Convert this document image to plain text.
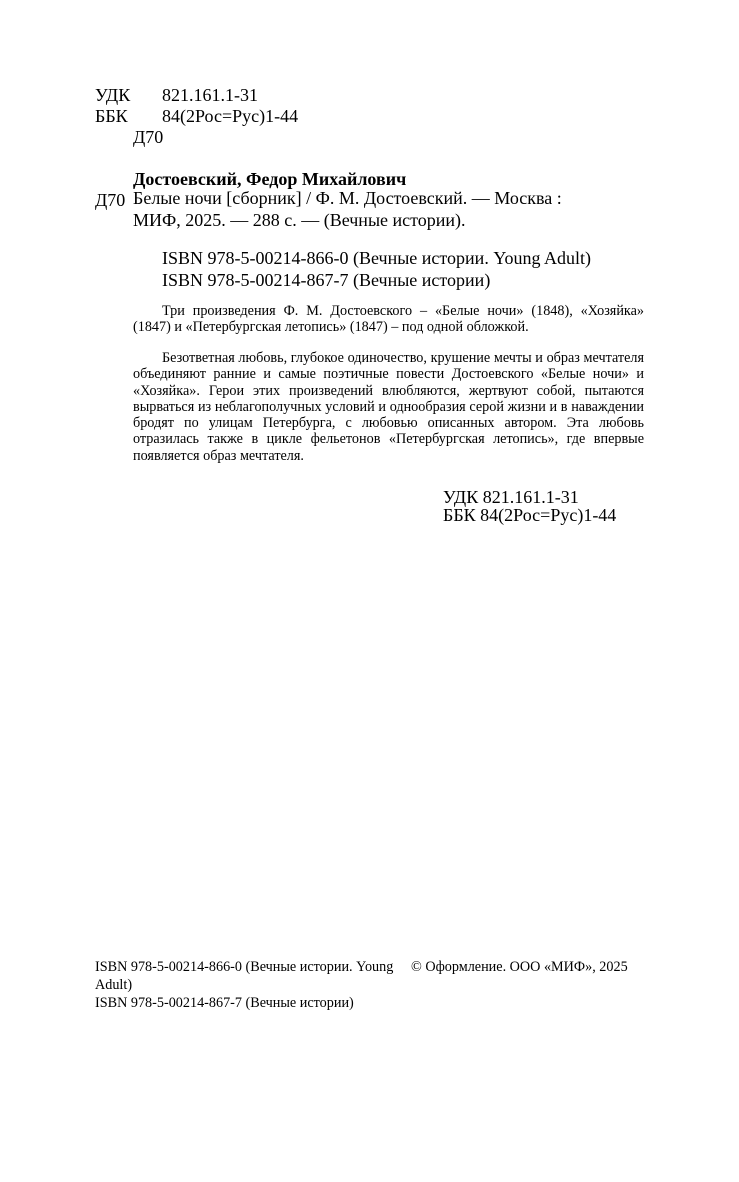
УДК 821.161.1-31
ББК 84(2Рос=Рус)1-44
Д70
Достоевский, Федор Михайлович
Д70 Белые ночи [сборник] / Ф. М. Достоевский. — Москва :
МИФ, 2025. — 288 с. — (Вечные истории).
ISBN 978-5-00214-866-0 (Вечные истории. Young Adult)
ISBN 978-5-00214-867-7 (Вечные истории)

Три произведения Ф. М. Достоевского – «Белые ночи» (1848), «Хозяйка» (1847) и «Петербургская летопись» (1847) – под одной обложкой.

Безответная любовь, глубокое одиночество, крушение мечты и образ мечтателя объединяют ранние и самые поэтичные повести Достоевского «Белые ночи» и «Хозяйка». Герои этих произведений влюбляются, жертвуют собой, пытаются вырваться из неблагополучных условий и однообразия серой жизни и в наваждении бродят по улицам Петербурга, с любовью описанных автором. Эта любовь отразилась также в цикле фельетонов «Петербургская летопись», где впервые появляется образ мечтателя.

УДК 821.161.1-31
ББК 84(2Рос=Рус)1-44
ISBN 978-5-00214-866-0 (Вечные истории. Young Adult)
ISBN 978-5-00214-867-7 (Вечные истории)
© Оформление. ООО «МИФ», 2025
